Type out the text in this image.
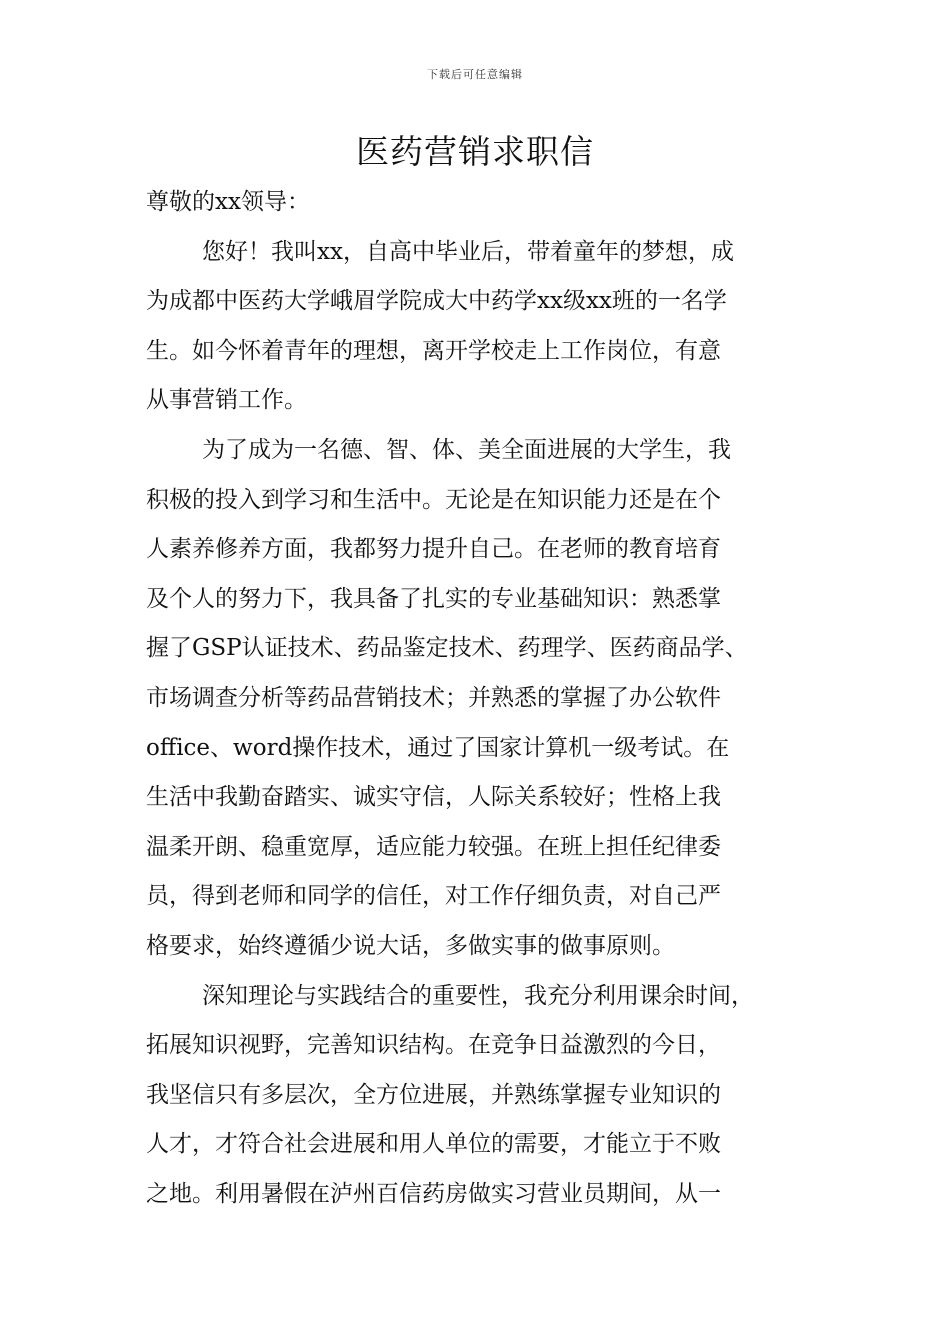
下载后可任意编辑
医药营销求职信
尊敬的xx领导：
您好！我叫xx，自高中毕业后，带着童年的梦想，成
为成都中医药大学峨眉学院成大中药学xx级xx班的一名学
生。如今怀着青年的理想，离开学校走上工作岗位，有意
从事营销工作。
为了成为一名德、智、体、美全面进展的大学生，我
积极的投入到学习和生活中。无论是在知识能力还是在个
人素养修养方面，我都努力提升自己。在老师的教育培育
及个人的努力下，我具备了扎实的专业基础知识：熟悉掌
握了GSP认证技术、药品鉴定技术、药理学、医药商品学、
市场调查分析等药品营销技术；并熟悉的掌握了办公软件
office、word操作技术，通过了国家计算机一级考试。在
生活中我勤奋踏实、诚实守信，人际关系较好；性格上我
温柔开朗、稳重宽厚，适应能力较强。在班上担任纪律委
员，得到老师和同学的信任，对工作仔细负责，对自己严
格要求，始终遵循少说大话，多做实事的做事原则。
深知理论与实践结合的重要性，我充分利用课余时间，
拓展知识视野，完善知识结构。在竞争日益激烈的今日，
我坚信只有多层次，全方位进展，并熟练掌握专业知识的
人才，才符合社会进展和用人单位的需要，才能立于不败
之地。利用暑假在泸州百信药房做实习营业员期间，从一
